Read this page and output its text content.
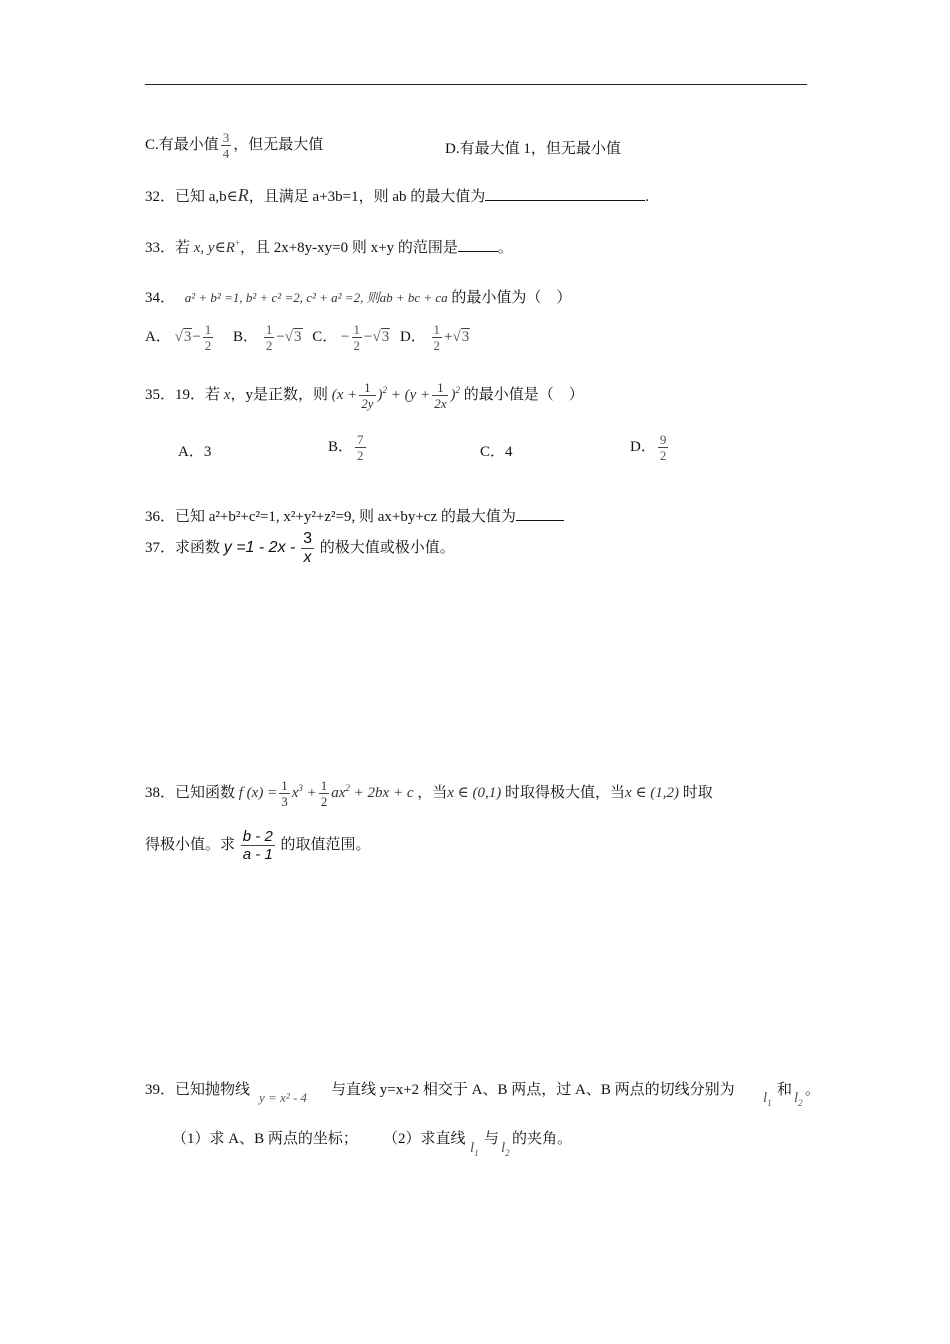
C.有最小值 $\frac{3}{4}$ ，但无最大值	D.有最大值 1，但无最小值
32．已知 a,b∈R，且满足 a+3b=1，则 ab 的最大值为	.
33．若 x, y∈R+，且 2x+8y-xy=0 则 x+y 的范围是	。
34． a² + b² =1, b² + c² =2, c² + a² =2, 则ab + bc + ca 的最小值为（　）
A． $√3- \frac{1}{2}$ B． $\frac{1}{2} -√3$ C． − $\frac{1}{2} -√3$ D． $\frac{1}{2} +√3$
35．19．若 x，y是正数，则 $(x + \frac{1}{2y} )^2 + (y + \frac{1}{2x} )^2$ 的最小值是（　）
A．3	B． $\frac{7}{2}$	C．4	D． $\frac{9}{2}$
36．已知 a²+b²+c²=1, x²+y²+z²=9, 则 ax+by+cz 的最大值为
37．求函数 $y =1 - 2x - \frac{3}{x}$ 的极大值或极小值。
38．已知函数 f $(x) = \frac{1}{3} x^3 + \frac{1}{2} ax^2 + 2bx + c$ ，当x ∈ (0,1) 时取得极大值，当x ∈ (1,2) 时取
得极小值。求 $\frac{b - 2}{a - 1}$ 的取值范围。
39．已知抛物线 y = x² - 4 与直线 y=x+2 相交于 A、B 两点，过 A、B 两点的切线分别为 $l_1$
和 $l_2$
。
（1）求 A、B 两点的坐标； （2）求直线
$l_1$
与
$l_2$
的夹角。
